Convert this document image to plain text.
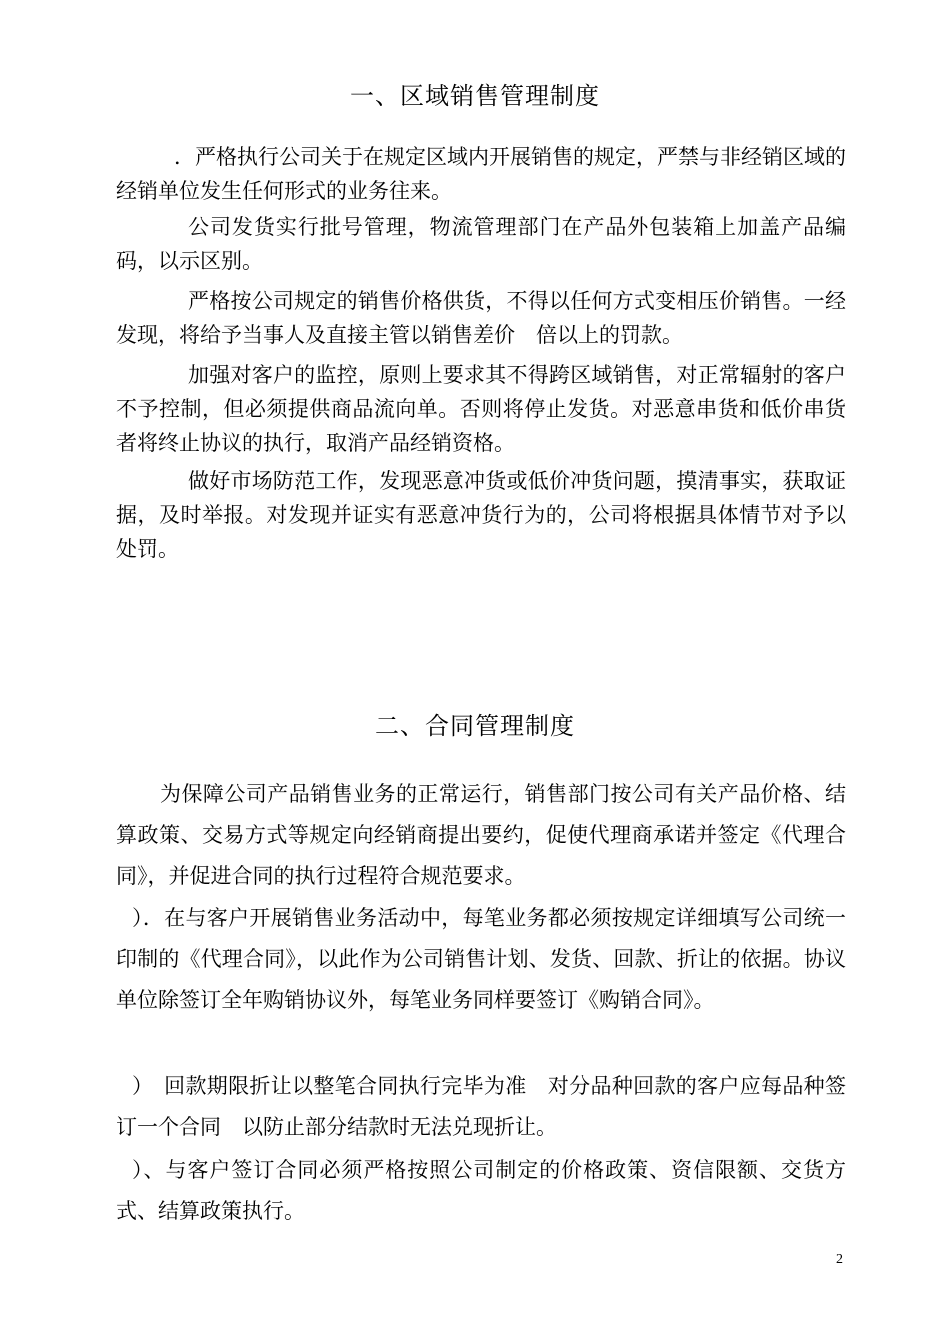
一、区域销售管理制度

．严格执行公司关于在规定区域内开展销售的规定，严禁与非经销区域的经销单位发生任何形式的业务往来。

公司发货实行批号管理，物流管理部门在产品外包装箱上加盖产品编码，以示区别。

严格按公司规定的销售价格供货，不得以任何方式变相压价销售。一经发现，将给予当事人及直接主管以销售差价　倍以上的罚款。

加强对客户的监控，原则上要求其不得跨区域销售，对正常辐射的客户不予控制，但必须提供商品流向单。否则将停止发货。对恶意串货和低价串货者将终止协议的执行，取消产品经销资格。

做好市场防范工作，发现恶意冲货或低价冲货问题，摸清事实，获取证据，及时举报。对发现并证实有恶意冲货行为的，公司将根据具体情节对予以处罚。

二、合同管理制度

为保障公司产品销售业务的正常运行，销售部门按公司有关产品价格、结算政策、交易方式等规定向经销商提出要约，促使代理商承诺并签定《代理合同》，并促进合同的执行过程符合规范要求。

）．在与客户开展销售业务活动中，每笔业务都必须按规定详细填写公司统一印制的《代理合同》，以此作为公司销售计划、发货、回款、折让的依据。协议单位除签订全年购销协议外，每笔业务同样要签订《购销合同》。

）　回款期限折让以整笔合同执行完毕为准　对分品种回款的客户应每品种签订一个合同　以防止部分结款时无法兑现折让。

）、与客户签订合同必须严格按照公司制定的价格政策、资信限额、交货方式、结算政策执行。

2
